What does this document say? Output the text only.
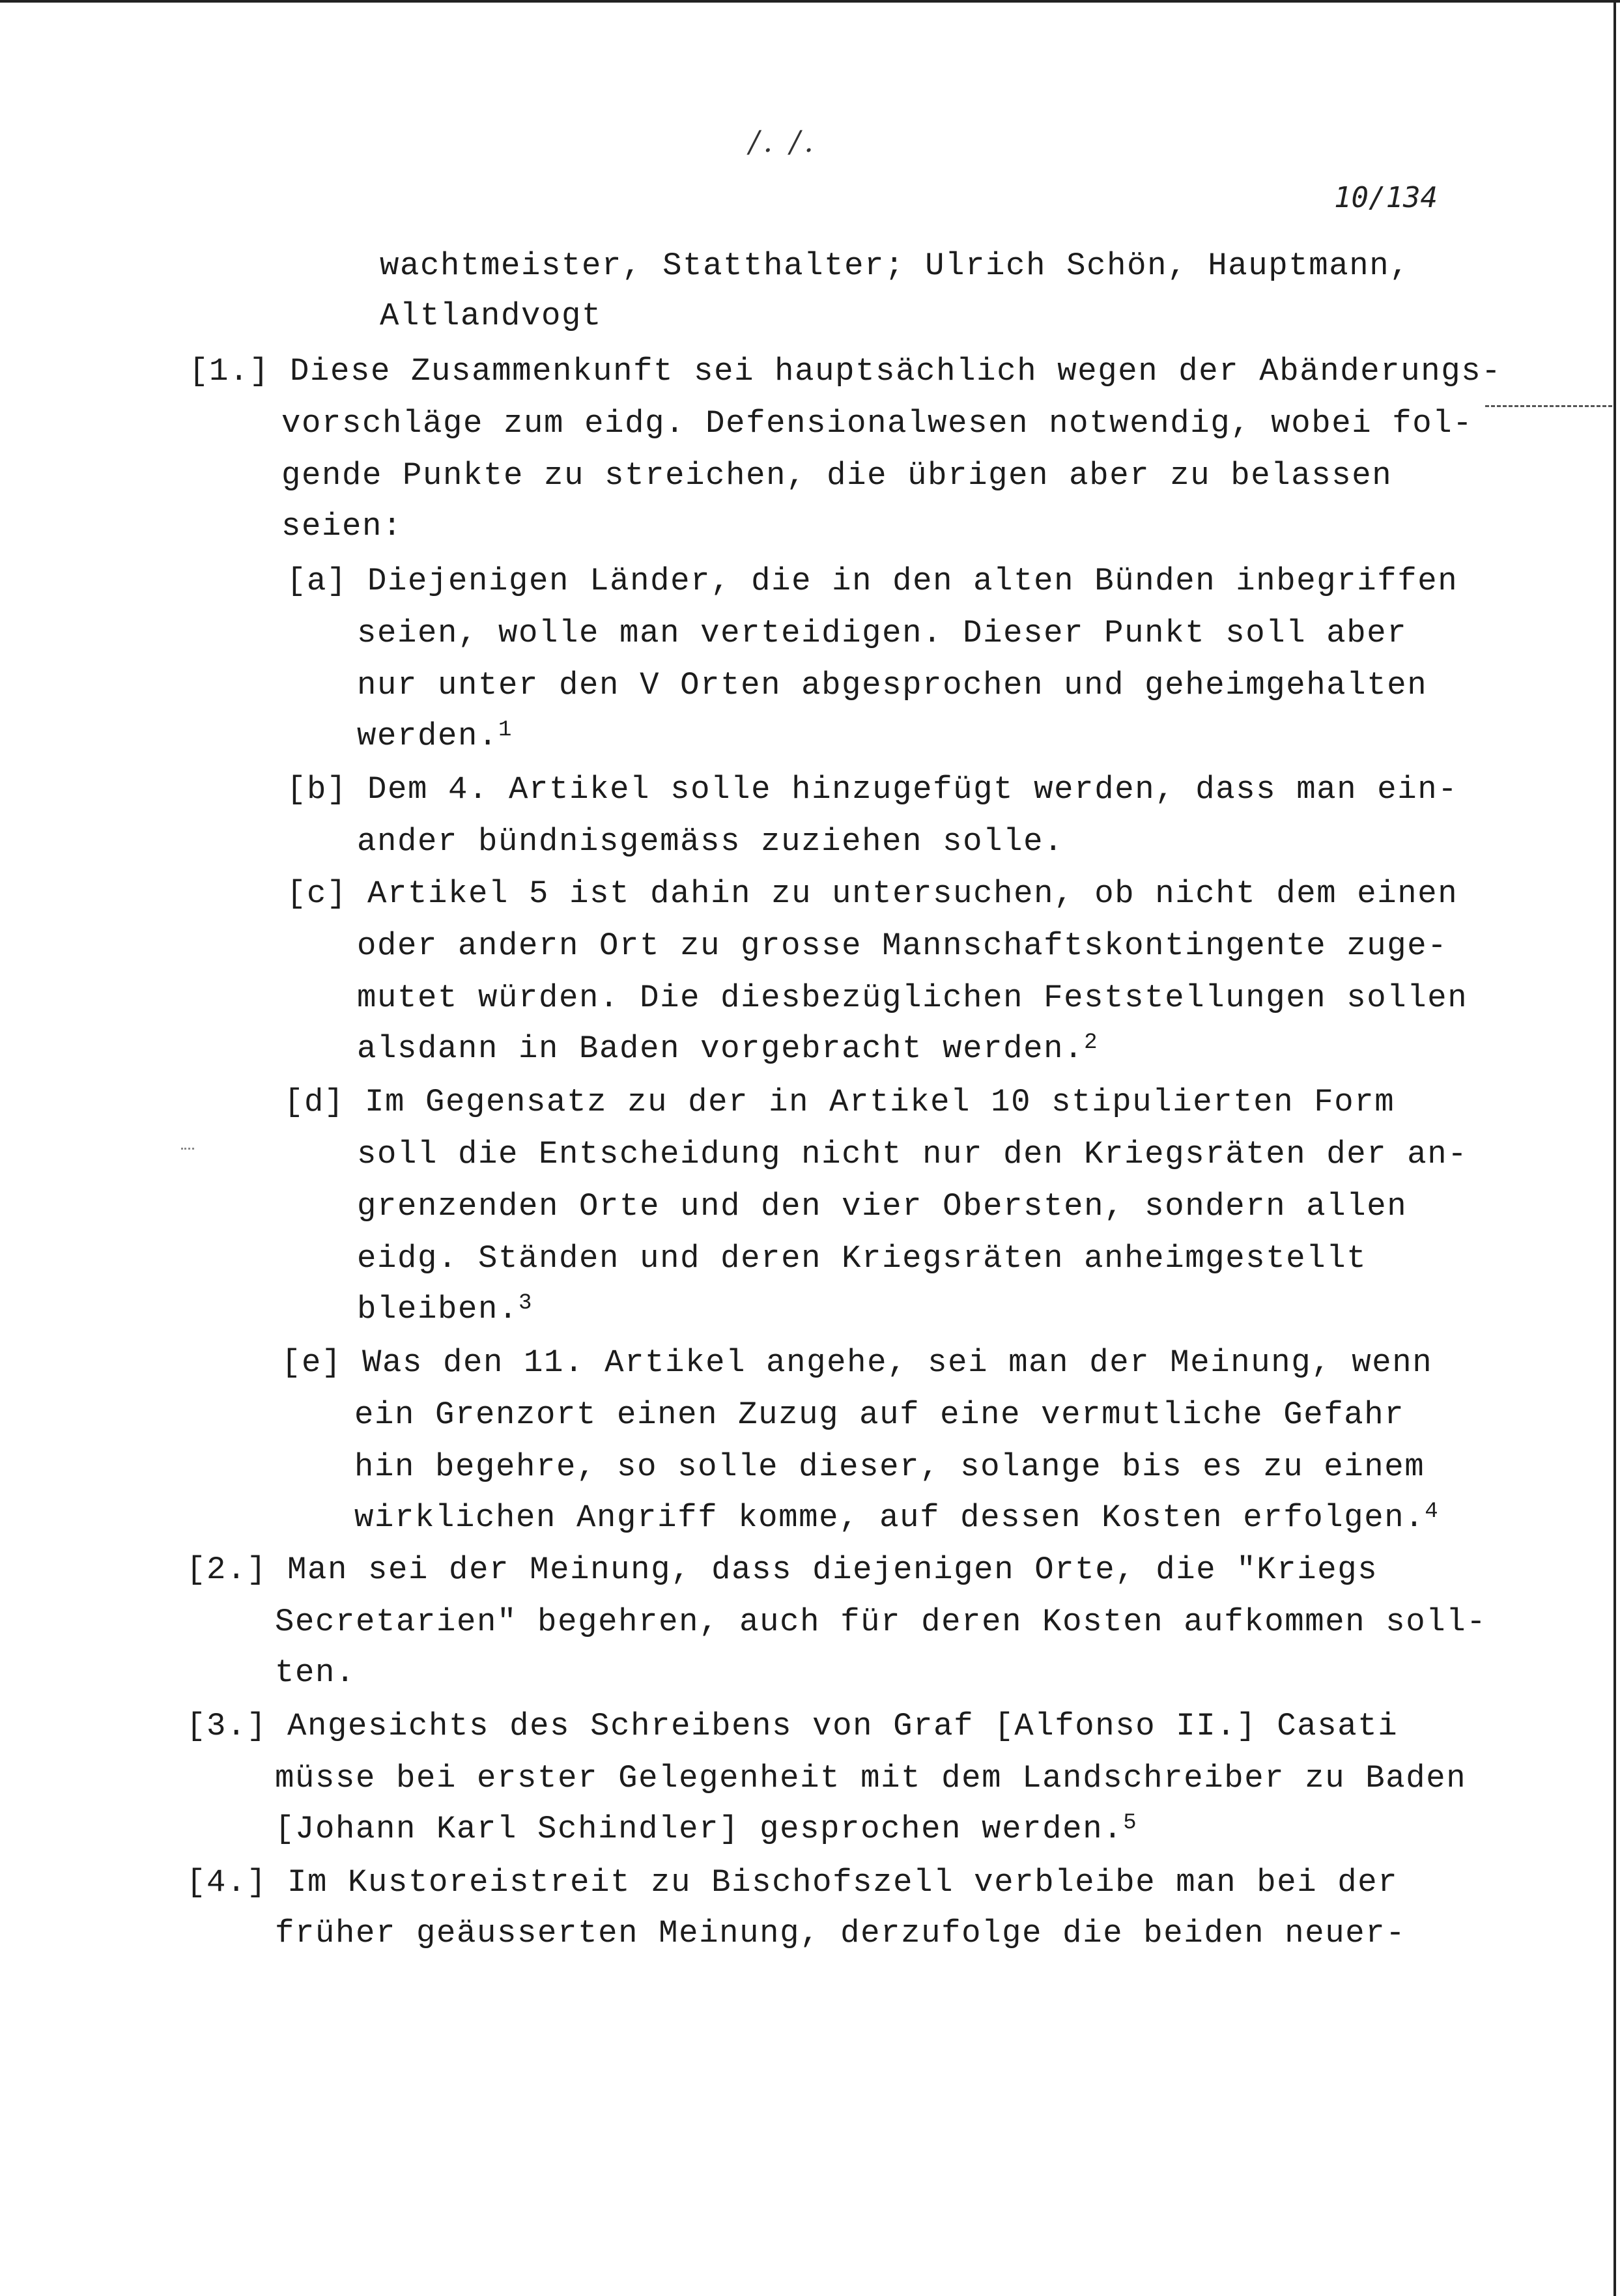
/. /.
10/134
wachtmeister, Statthalter; Ulrich Schön, Hauptmann,
Altlandvogt
[1.] Diese Zusammenkunft sei hauptsächlich wegen der Abänderungs-
vorschläge zum eidg. Defensionalwesen notwendig, wobei fol-
gende Punkte zu streichen, die übrigen aber zu belassen
seien:
[a] Diejenigen Länder, die in den alten Bünden inbegriffen
seien, wolle man verteidigen. Dieser Punkt soll aber
nur unter den V Orten abgesprochen und geheimgehalten
werden.$^1$
[b] Dem 4. Artikel solle hinzugefügt werden, dass man ein-
ander bündnisgemäss zuziehen solle.
[c] Artikel 5 ist dahin zu untersuchen, ob nicht dem einen
oder andern Ort zu grosse Mannschaftskontingente zuge-
mutet würden. Die diesbezüglichen Feststellungen sollen
alsdann in Baden vorgebracht werden.$^2$
[d] Im Gegensatz zu der in Artikel 10 stipulierten Form
soll die Entscheidung nicht nur den Kriegsräten der an-
grenzenden Orte und den vier Obersten, sondern allen
eidg. Ständen und deren Kriegsräten anheimgestellt
bleiben.$^3$
[e] Was den 11. Artikel angehe, sei man der Meinung, wenn
ein Grenzort einen Zuzug auf eine vermutliche Gefahr
hin begehre, so solle dieser, solange bis es zu einem
wirklichen Angriff komme, auf dessen Kosten erfolgen.$^4$
[2.] Man sei der Meinung, dass diejenigen Orte, die "Kriegs
Secretarien" begehren, auch für deren Kosten aufkommen soll-
ten.
[3.] Angesichts des Schreibens von Graf [Alfonso II.] Casati
müsse bei erster Gelegenheit mit dem Landschreiber zu Baden
[Johann Karl Schindler] gesprochen werden.$^5$
[4.] Im Kustoreistreit zu Bischofszell verbleibe man bei der
früher geäusserten Meinung, derzufolge die beiden neuer-
